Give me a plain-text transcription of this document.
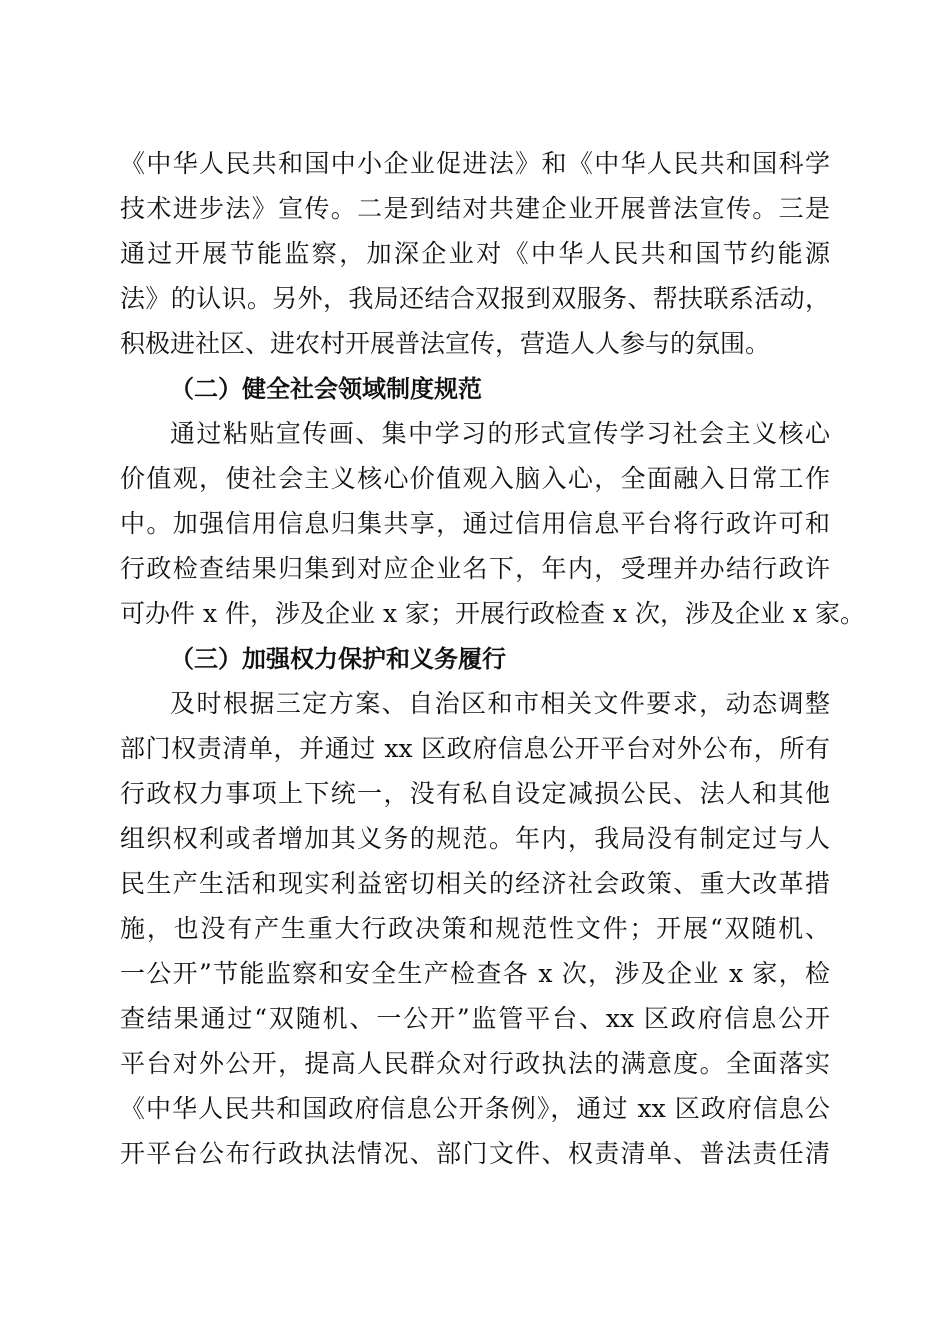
《中华人民共和国中小企业促进法》和《中华人民共和国科学
技术进步法》宣传。二是到结对共建企业开展普法宣传。三是
通过开展节能监察，加深企业对《中华人民共和国节约能源
法》的认识。另外，我局还结合双报到双服务、帮扶联系活动，
积极进社区、进农村开展普法宣传，营造人人参与的氛围。
（二）健全社会领域制度规范
通过粘贴宣传画、集中学习的形式宣传学习社会主义核心
价值观，使社会主义核心价值观入脑入心，全面融入日常工作
中。加强信用信息归集共享，通过信用信息平台将行政许可和
行政检查结果归集到对应企业名下，年内，受理并办结行政许
可办件 x 件，涉及企业 x 家；开展行政检查 x 次，涉及企业 x 家。
（三）加强权力保护和义务履行
及时根据三定方案、自治区和市相关文件要求，动态调整
部门权责清单，并通过 xx 区政府信息公开平台对外公布，所有
行政权力事项上下统一，没有私自设定减损公民、法人和其他
组织权利或者增加其义务的规范。年内，我局没有制定过与人
民生产生活和现实利益密切相关的经济社会政策、重大改革措
施，也没有产生重大行政决策和规范性文件；开展“双随机、
一公开”节能监察和安全生产检查各 x 次，涉及企业 x 家，检
查结果通过“双随机、一公开”监管平台、xx 区政府信息公开
平台对外公开，提高人民群众对行政执法的满意度。全面落实
《中华人民共和国政府信息公开条例》，通过 xx 区政府信息公
开平台公布行政执法情况、部门文件、权责清单、普法责任清
